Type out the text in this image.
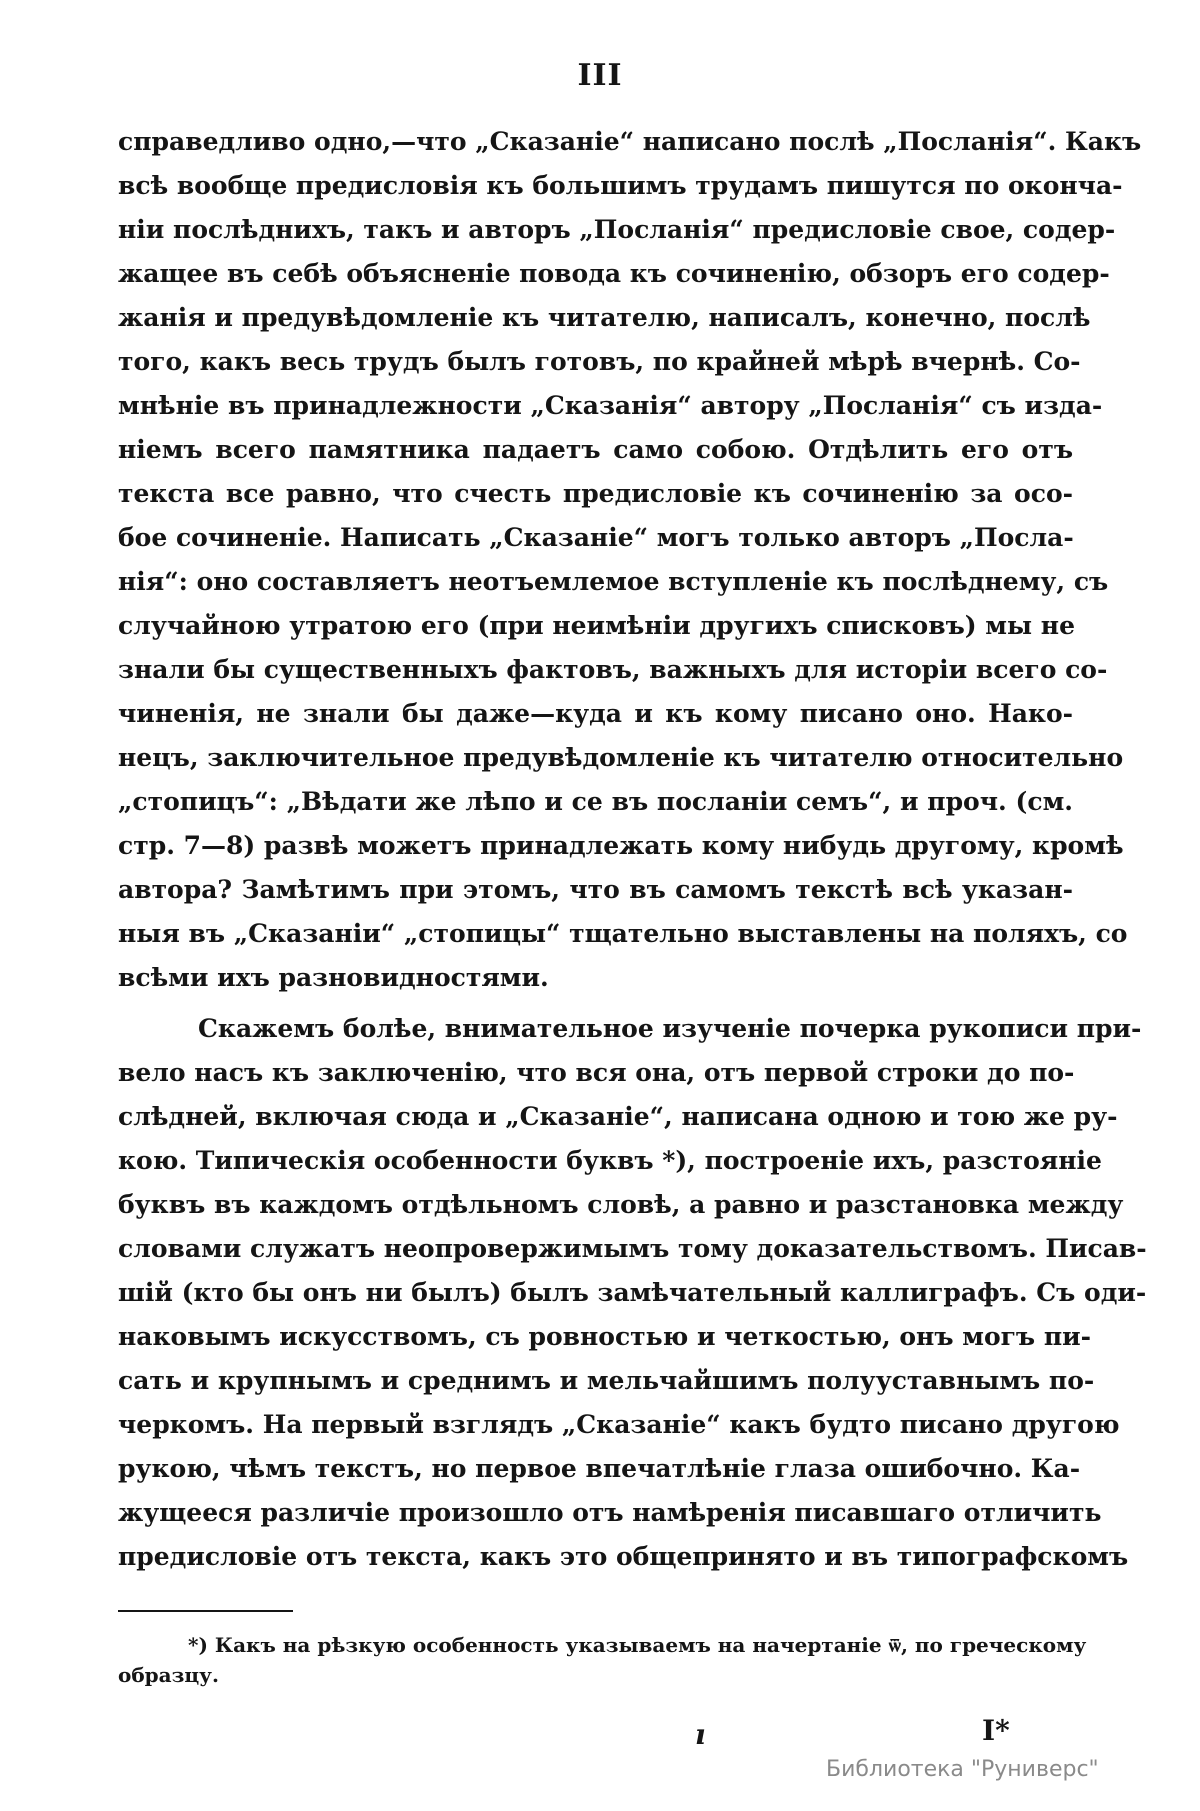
III
справедливо одно,—что „Сказаніе“ написано послѣ „Посланія“. Какъ
всѣ вообще предисловія къ большимъ трудамъ пишутся по окончa-
ніи послѣднихъ, такъ и авторъ „Посланія“ предисловіе свое, содер-
жащее въ себѣ объясненіе повода къ сочиненію, обзоръ его содер-
жанія и предувѣдомленіе къ читателю, написалъ, конечно, послѣ
того, какъ весь трудъ былъ готовъ, по крайней мѣрѣ вчернѣ. Со-
мнѣніе въ принадлежности „Сказанія“ автору „Посланія“ съ изда-
ніемъ всего памятника падаетъ само собою. Отдѣлить его отъ
текста все равно, что счесть предисловіе къ сочиненію за осо-
бое сочиненіе. Написать „Сказаніе“ могъ только авторъ „Посла-
нія“: оно составляетъ неотъемлемое вступленіе къ послѣднему, съ
случайною утратою его (при неимѣніи другихъ списковъ) мы не
знали бы существенныхъ фактовъ, важныхъ для исторіи всего со-
чиненія, не знали бы даже—куда и къ кому писано оно. Нако-
нецъ, заключительное предувѣдомленіе къ читателю относительно
„стопицъ“: „Вѣдати же лѣпо и се въ посланіи семъ“, и проч. (см.
стр. 7—8) развѣ можетъ принадлежать кому нибудь другому, кромѣ
автора? Замѣтимъ при этомъ, что въ самомъ текстѣ всѣ указан-
ныя въ „Сказаніи“ „стопицы“ тщательно выставлены на поляхъ, со
всѣми ихъ разновидностями.
Скажемъ болѣе, внимательное изученіе почерка рукописи при-
вело насъ къ заключенію, что вся она, отъ первой строки до по-
слѣдней, включая сюда и „Сказаніе“, написана одною и тою же ру-
кою. Типическія особенности буквъ *), построеніе ихъ, разстояніе
буквъ въ каждомъ отдѣльномъ словѣ, а равно и разстановка между
словами служатъ неопровержимымъ тому доказательствомъ. Писав-
шій (кто бы онъ ни былъ) былъ замѣчательный каллиграфъ. Съ оди-
наковымъ искусствомъ, съ ровностью и четкостью, онъ могъ пи-
сать и крупнымъ и среднимъ и мельчайшимъ полууставнымъ по-
черкомъ. На первый взглядъ „Сказаніе“ какъ будто писано другою
рукою, чѣмъ текстъ, но первое впечатлѣніе глаза ошибочно. Ка-
жущееся различіе произошло отъ намѣренія писавшаго отличить
предисловіе отъ текста, какъ это общепринято и въ типографскомъ
*) Какъ на рѣзкую особенность указываемъ на начертаніе ѿ, по греческому
образцу.
ı	I*
Библиотека "Руниверс"
